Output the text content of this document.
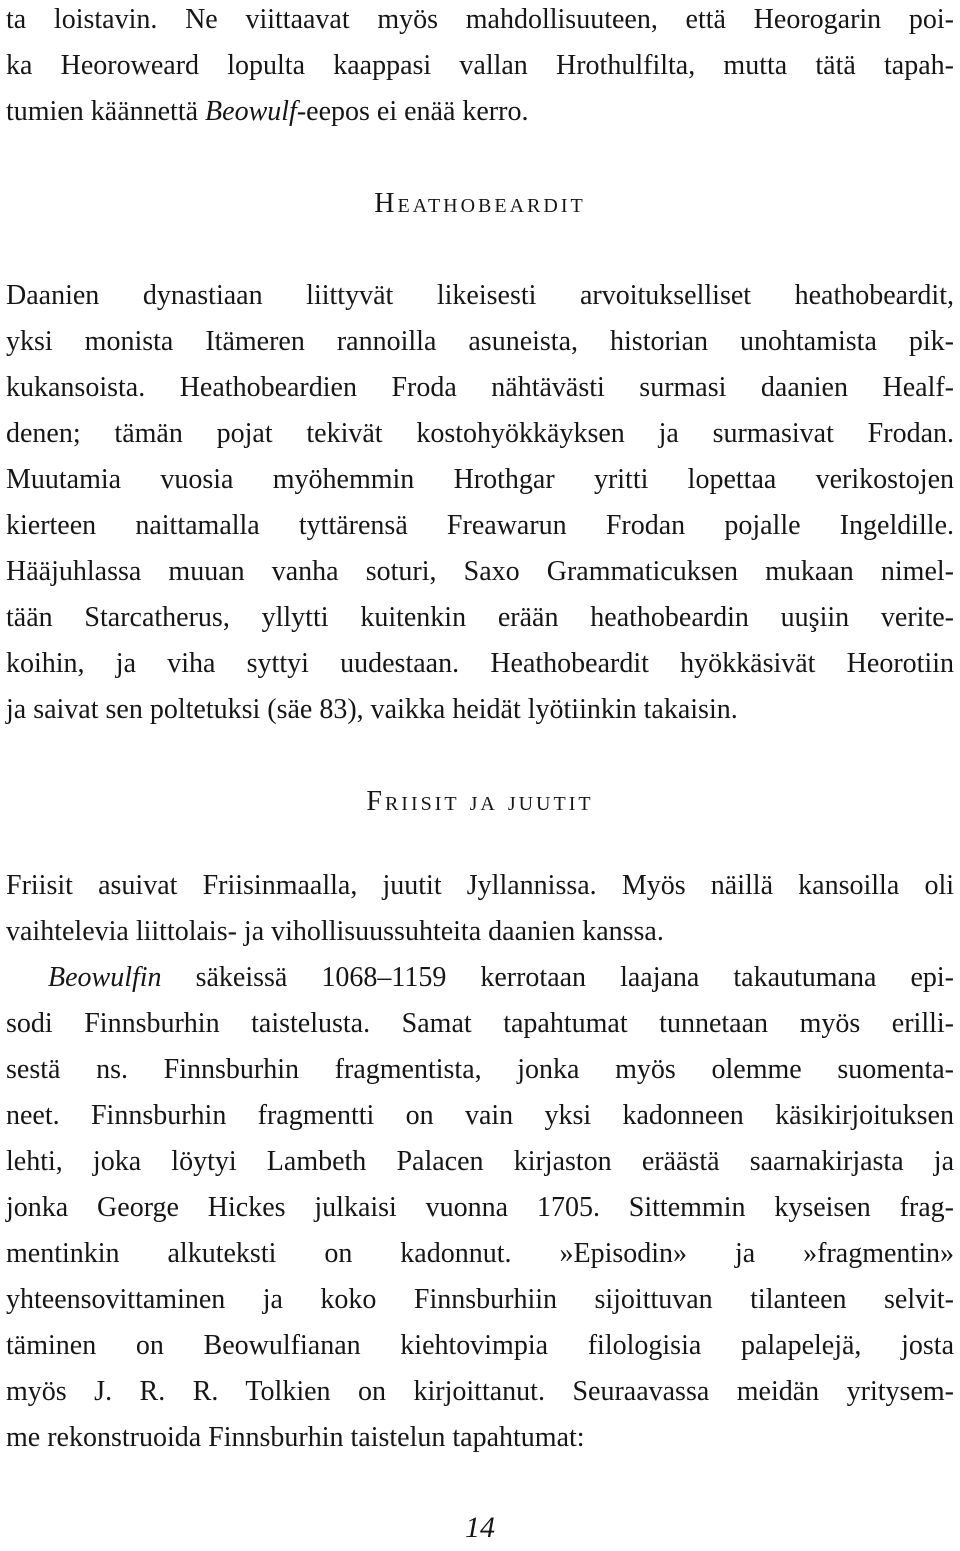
ta loistavin. Ne viittaavat myös mahdollisuuteen, että Heorogarin poi-
ka Heoroweard lopulta kaappasi vallan Hrothulfilta, mutta tätä tapah-
tumien käännettä Beowulf-eepos ei enää kerro.
Heathobeardit
Daanien dynastiaan liittyvät likeisesti arvoitukselliset heathobeardit,
yksi monista Itämeren rannoilla asuneista, historian unohtamista pik-
kukansoista. Heathobeardien Froda nähtävästi surmasi daanien Healf-
denen; tämän pojat tekivät kostohyökkäyksen ja surmasivat Frodan.
Muutamia vuosia myöhemmin Hrothgar yritti lopettaa verikostojen
kierteen naittamalla tyttärensä Freawarun Frodan pojalle Ingeldille.
Hääjuhlassa muuan vanha soturi, Saxo Grammaticuksen mukaan nimel-
tään Starcatherus, yllytti kuitenkin erään heathobeardin uuşiin verite-
koihin, ja viha syttyi uudestaan. Heathobeardit hyökkäsivät Heorotiin
ja saivat sen poltetuksi (säe 83), vaikka heidät lyötiinkin takaisin.
Friisit ja juutit
Friisit asuivat Friisinmaalla, juutit Jyllannissa. Myös näillä kansoilla oli
vaihtelevia liittolais- ja vihollisuussuhteita daanien kanssa.
Beowulfin säkeissä 1068–1159 kerrotaan laajana takautumana epi-
sodi Finnsburhin taistelusta. Samat tapahtumat tunnetaan myös erilli-
sestä ns. Finnsburhin fragmentista, jonka myös olemme suomenta-
neet. Finnsburhin fragmentti on vain yksi kadonneen käsikirjoituksen
lehti, joka löytyi Lambeth Palacen kirjaston eräästä saarnakirjasta ja
jonka George Hickes julkaisi vuonna 1705. Sittemmin kyseisen frag-
mentinkin alkuteksti on kadonnut. »Episodin» ja »fragmentin»
yhteensovittaminen ja koko Finnsburhiin sijoittuvan tilanteen selvit-
täminen on Beowulfianan kiehtovimpia filologisia palapelejä, josta
myös J. R. R. Tolkien on kirjoittanut. Seuraavassa meidän yritysem-
me rekonstruoida Finnsburhin taistelun tapahtumat:
14
